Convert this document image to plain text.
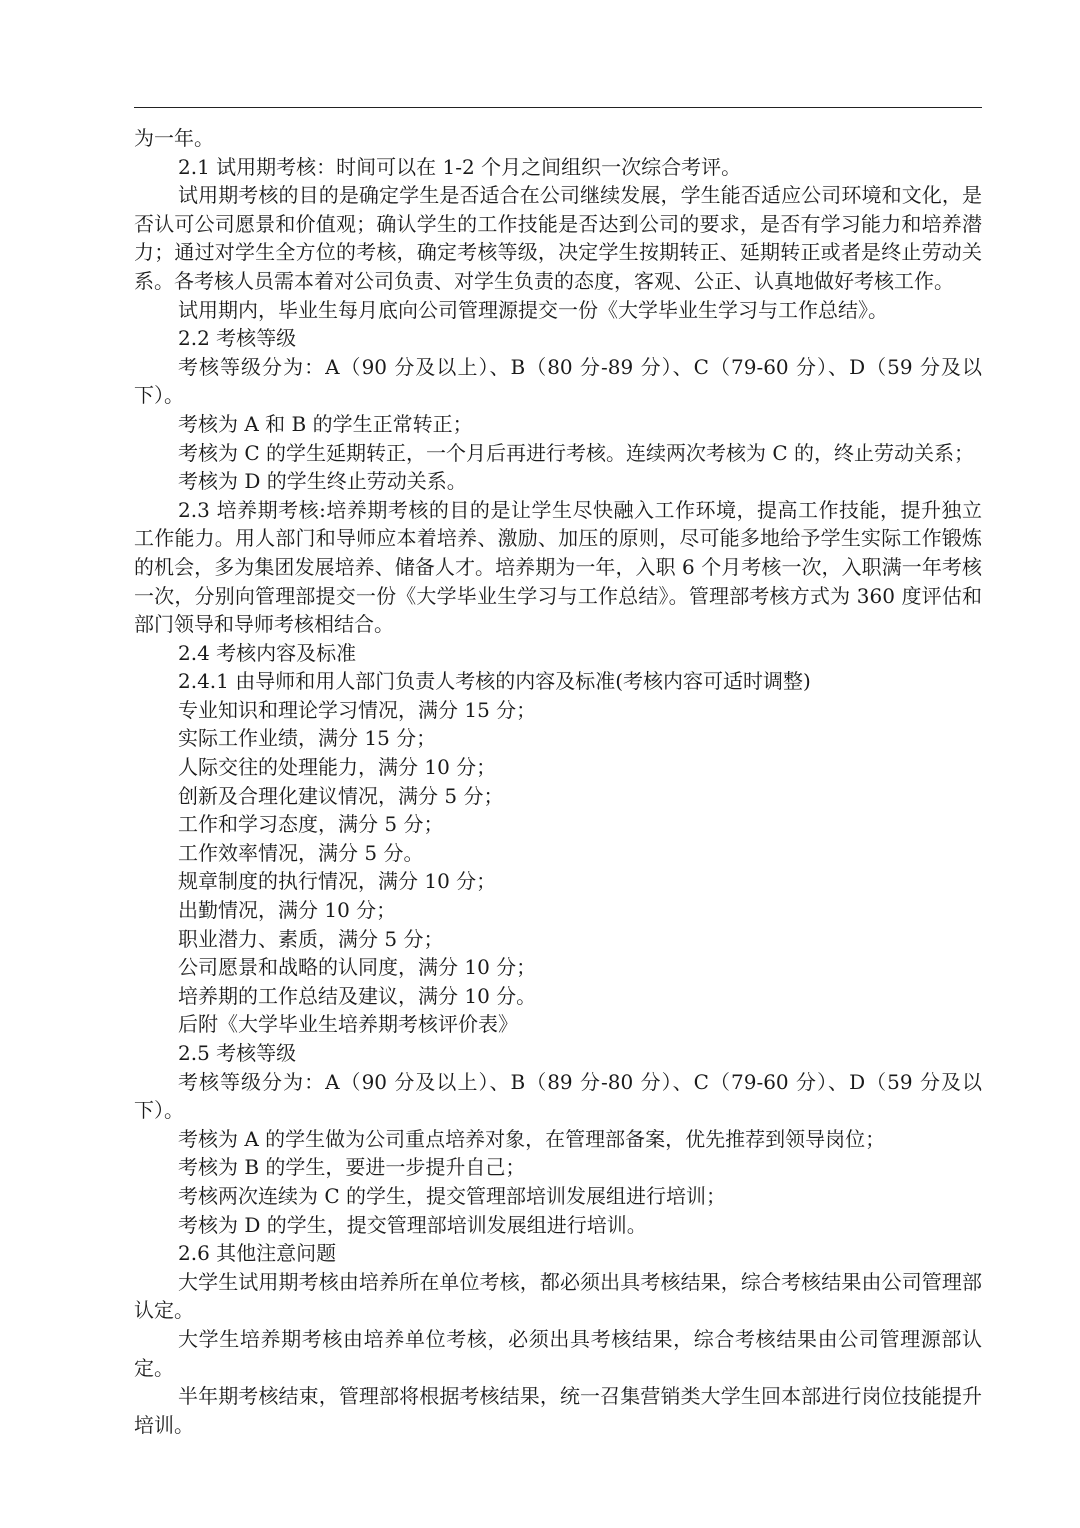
为一年。

2.1 试用期考核：时间可以在 1-2 个月之间组织一次综合考评。

试用期考核的目的是确定学生是否适合在公司继续发展，学生能否适应公司环境和文化，是否认可公司愿景和价值观；确认学生的工作技能是否达到公司的要求，是否有学习能力和培养潜力；通过对学生全方位的考核，确定考核等级，决定学生按期转正、延期转正或者是终止劳动关系。各考核人员需本着对公司负责、对学生负责的态度，客观、公正、认真地做好考核工作。

试用期内，毕业生每月底向公司管理源提交一份《大学毕业生学习与工作总结》。

2.2 考核等级

考核等级分为：A（90 分及以上）、B（80 分-89 分）、C（79-60 分）、D（59 分及以下）。

考核为 A 和 B 的学生正常转正；

考核为 C 的学生延期转正，一个月后再进行考核。连续两次考核为 C 的，终止劳动关系；

考核为 D 的学生终止劳动关系。

2.3 培养期考核:培养期考核的目的是让学生尽快融入工作环境，提高工作技能，提升独立工作能力。用人部门和导师应本着培养、激励、加压的原则，尽可能多地给予学生实际工作锻炼的机会，多为集团发展培养、储备人才。培养期为一年，入职 6 个月考核一次，入职满一年考核一次，分别向管理部提交一份《大学毕业生学习与工作总结》。管理部考核方式为 360 度评估和部门领导和导师考核相结合。

2.4 考核内容及标准

2.4.1 由导师和用人部门负责人考核的内容及标准(考核内容可适时调整)

专业知识和理论学习情况，满分 15 分；

实际工作业绩，满分 15 分；

人际交往的处理能力，满分 10 分；

创新及合理化建议情况，满分 5 分；

工作和学习态度，满分 5 分；

工作效率情况，满分 5 分。

规章制度的执行情况，满分 10 分；

出勤情况，满分 10 分；

职业潜力、素质，满分 5 分；

公司愿景和战略的认同度，满分 10 分；

培养期的工作总结及建议，满分 10 分。

后附《大学毕业生培养期考核评价表》

2.5 考核等级

考核等级分为：A（90 分及以上）、B（89 分-80 分）、C（79-60 分）、D（59 分及以下）。

考核为 A 的学生做为公司重点培养对象，在管理部备案，优先推荐到领导岗位；

考核为 B 的学生，要进一步提升自己；

考核两次连续为 C 的学生，提交管理部培训发展组进行培训；

考核为 D 的学生，提交管理部培训发展组进行培训。

2.6 其他注意问题

大学生试用期考核由培养所在单位考核，都必须出具考核结果，综合考核结果由公司管理部认定。

大学生培养期考核由培养单位考核，必须出具考核结果，综合考核结果由公司管理源部认定。

半年期考核结束，管理部将根据考核结果，统一召集营销类大学生回本部进行岗位技能提升培训。
